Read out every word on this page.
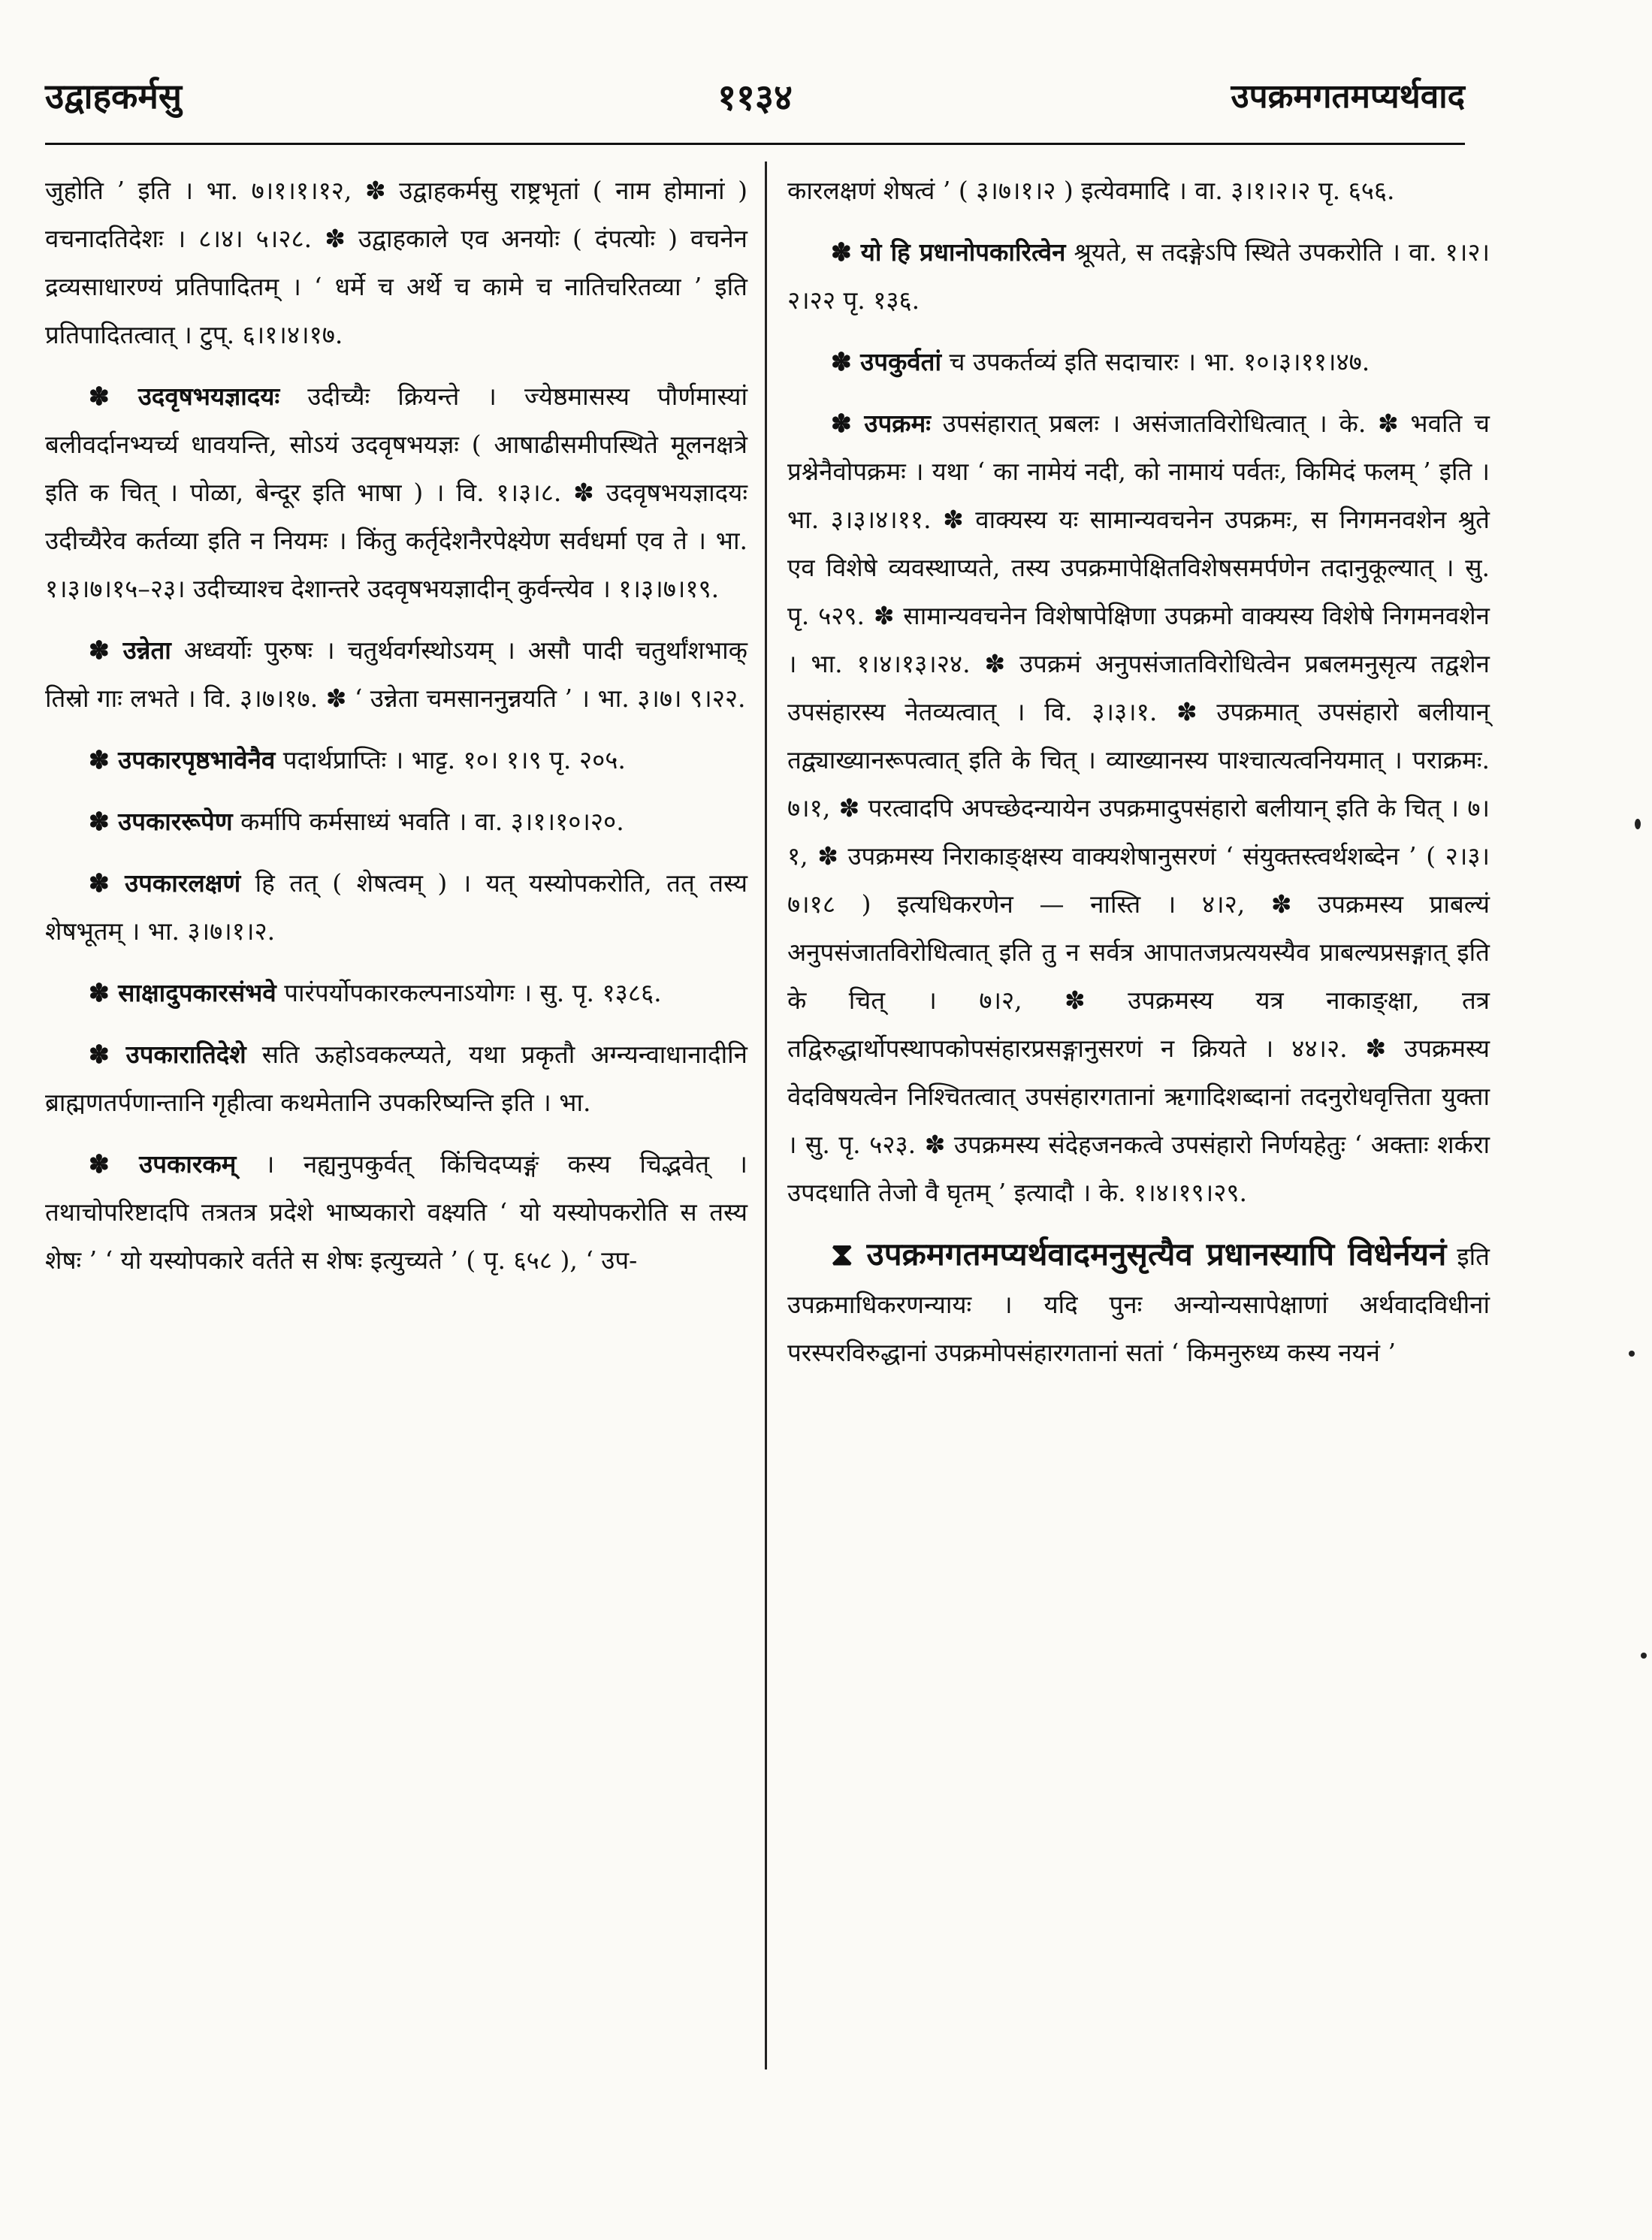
११३४
उद्वाहकर्मसु	उपक्रमगतमप्यर्थवाद

जुहोति ’ इति । भा. ७।१।१।१२, ✽ उद्वाहकर्मसु राष्ट्रभृतां ( नाम होमानां ) वचनादतिदेशः । ८।४। ५।२८. ✽ उद्वाहकाले एव अनयोः ( दंपत्योः ) वचनेन द्रव्यसाधारण्यं प्रतिपादितम् । ‘ धर्मे च अर्थे च कामे च नातिचरितव्या ’ इति प्रतिपादितत्वात् । टुप्. ६।१।४।१७.

✽ उदवृषभयज्ञादयः उदीच्यैः क्रियन्ते । ज्येष्ठमासस्य पौर्णमास्यां बलीवर्दानभ्यर्च्य धावयन्ति, सोऽयं उदवृषभयज्ञः ( आषाढीसमीपस्थिते मूलनक्षत्रे इति क चित् । पोळा, बेन्दूर इति भाषा ) । वि. १।३।८. ✽ उदवृषभयज्ञादयः उदीच्यैरेव कर्तव्या इति न नियमः । किंतु कर्तृदेशनैरपेक्ष्येण सर्वधर्मा एव ते । भा. १।३।७।१५–२३। उदीच्याश्च देशान्तरे उदवृषभयज्ञादीन् कुर्वन्त्येव । १।३।७।१९.

✽ उन्नेता अध्वर्योः पुरुषः । चतुर्थवर्गस्थोऽयम् । असौ पादी चतुर्थांशभाक् तिस्रो गाः लभते । वि. ३।७।१७. ✽ ‘ उन्नेता चमसाननुन्नयति ’ । भा. ३।७। ९।२२.

✽ उपकारपृष्ठभावेनैव पदार्थप्राप्तिः । भाट्ट. १०। १।९ पृ. २०५.

✽ उपकाररूपेण कर्मापि कर्मसाध्यं भवति । वा. ३।१।१०।२०.

✽ उपकारलक्षणं हि तत् ( शेषत्वम् ) । यत् यस्योपकरोति, तत् तस्य शेषभूतम् । भा. ३।७।१।२.

✽ साक्षादुपकारसंभवे पारंपर्योपकारकल्पनाऽयोगः । सु. पृ. १३८६.

✽ उपकारातिदेशे सति ऊहोऽवकल्प्यते, यथा प्रकृतौ अग्न्यन्वाधानादीनि ब्राह्मणतर्पणान्तानि गृहीत्वा कथमेतानि उपकरिष्यन्ति इति । भा.

✽ उपकारकम् । नह्यनुपकुर्वत् किंचिदप्यङ्गं कस्य चिद्भवेत् । तथाचोपरिष्टादपि तत्रतत्र प्रदेशे भाष्यकारो वक्ष्यति ‘ यो यस्योपकरोति स तस्य शेषः ’ ‘ यो यस्योपकारे वर्तते स शेषः इत्युच्यते ’ ( पृ. ६५८ ), ‘ उप-

कारलक्षणं शेषत्वं ’ ( ३।७।१।२ ) इत्येवमादि । वा. ३।१।२।२ पृ. ६५६.

✽ यो हि प्रधानोपकारित्वेन श्रूयते, स तदङ्गेऽपि स्थिते उपकरोति । वा. १।२।२।२२ पृ. १३६.

✽ उपकुर्वतां च उपकर्तव्यं इति सदाचारः । भा. १०।३।११।४७.

✽ उपक्रमः उपसंहारात् प्रबलः । असंजातविरोधित्वात् । के. ✽ भवति च प्रश्नेनैवोपक्रमः । यथा ‘ का नामेयं नदी, को नामायं पर्वतः, किमिदं फलम् ’ इति । भा. ३।३।४।११. ✽ वाक्यस्य यः सामान्यवचनेन उपक्रमः, स निगमनवशेन श्रुते एव विशेषे व्यवस्थाप्यते, तस्य उपक्रमापेक्षितविशेषसमर्पणेन तदानुकूल्यात् । सु. पृ. ५२९. ✽ सामान्यवचनेन विशेषापेक्षिणा उपक्रमो वाक्यस्य विशेषे निगमनवशेन । भा. १।४।१३।२४. ✽ उपक्रमं अनुपसंजातविरोधित्वेन प्रबलमनुसृत्य तद्वशेन उपसंहारस्य नेतव्यत्वात् । वि. ३।३।१. ✽ उपक्रमात् उपसंहारो बलीयान् तद्व्याख्यानरूपत्वात् इति के चित् । व्याख्यानस्य पाश्चात्यत्वनियमात् । पराक्रमः. ७।१, ✽ परत्वादपि अपच्छेदन्यायेन उपक्रमादुपसंहारो बलीयान् इति के चित् । ७।१, ✽ उपक्रमस्य निराकाङ्क्षस्य वाक्यशेषानुसरणं ‘ संयुक्तस्त्वर्थशब्देन ’ ( २।३।७।१८ ) इत्यधिकरणेन — नास्ति । ४।२, ✽ उपक्रमस्य प्राबल्यं अनुपसंजातविरोधित्वात् इति तु न सर्वत्र आपातजप्रत्ययस्यैव प्राबल्यप्रसङ्गात् इति के चित् । ७।२, ✽ उपक्रमस्य यत्र नाकाङ्क्षा, तत्र तद्विरुद्धार्थोपस्थापकोपसंहारप्रसङ्गानुसरणं न क्रियते । ४४।२. ✽ उपक्रमस्य वेदविषयत्वेन निश्चितत्वात् उपसंहारगतानां ऋगादिशब्दानां तदनुरोधवृत्तिता युक्ता । सु. पृ. ५२३. ✽ उपक्रमस्य संदेहजनकत्वे उपसंहारो निर्णयहेतुः ‘ अक्ताः शर्करा उपदधाति तेजो वै घृतम् ’ इत्यादौ । के. १।४।१९।२९.

⧗ उपक्रमगतमप्यर्थवादमनुसृत्यैव प्रधानस्यापि विधेर्नयनं इति उपक्रमाधिकरणन्यायः । यदि पुनः अन्योन्यसापेक्षाणां अर्थवादविधीनां परस्परविरुद्धानां उपक्रमोपसंहारगतानां सतां ‘ किमनुरुध्य कस्य नयनं ’
